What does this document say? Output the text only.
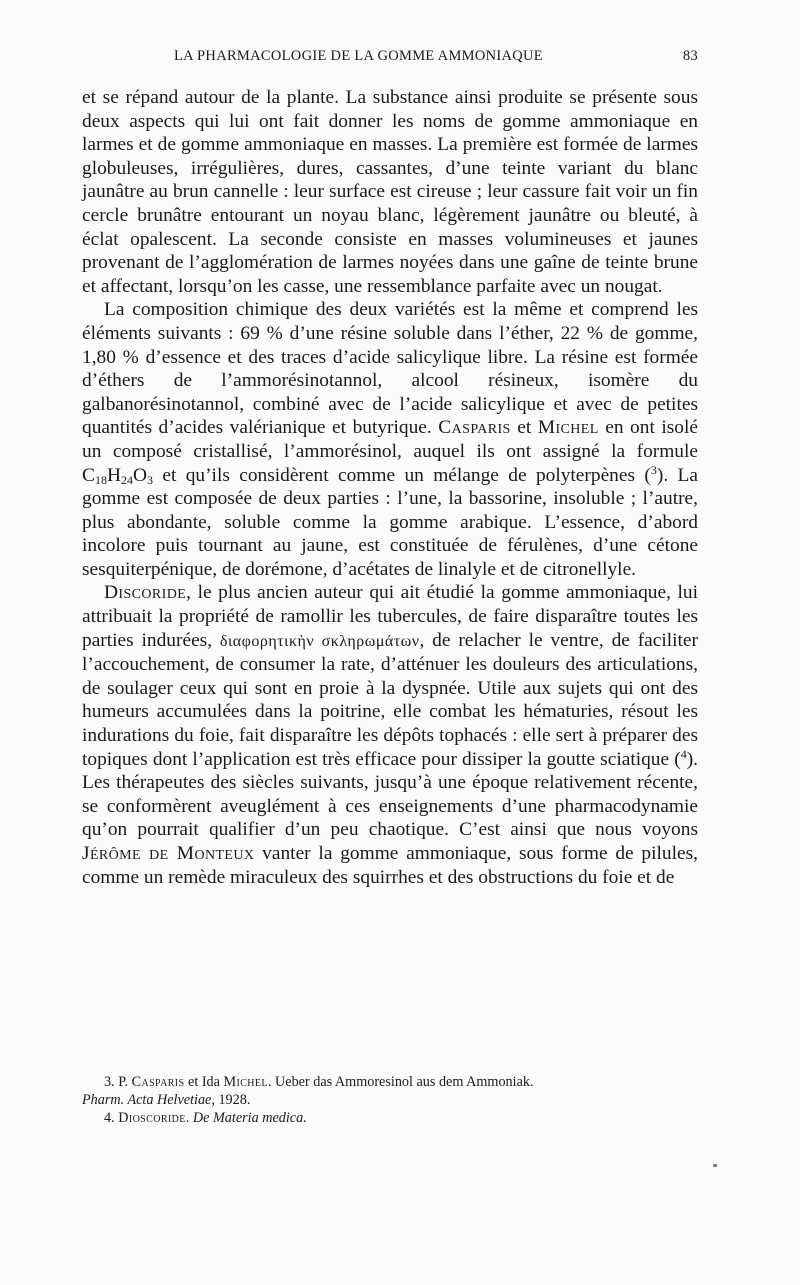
LA PHARMACOLOGIE DE LA GOMME AMMONIAQUE	83

et se répand autour de la plante. La substance ainsi produite se présente sous deux aspects qui lui ont fait donner les noms de gomme ammoniaque en larmes et de gomme ammoniaque en masses. La première est formée de larmes globuleuses, irrégulières, dures, cassantes, d’une teinte variant du blanc jaunâtre au brun cannelle : leur surface est cireuse ; leur cassure fait voir un fin cercle brunâtre entourant un noyau blanc, légèrement jaunâtre ou bleuté, à éclat opalescent. La seconde consiste en masses volumineuses et jaunes provenant de l’agglomération de larmes noyées dans une gaîne de teinte brune et affectant, lorsqu’on les casse, une ressemblance parfaite avec un nougat.

La composition chimique des deux variétés est la même et comprend les éléments suivants : 69 % d’une résine soluble dans l’éther, 22 % de gomme, 1,80 % d’essence et des traces d’acide salicylique libre. La résine est formée d’éthers de l’ammorésinotannol, alcool résineux, isomère du galbanorésinotannol, combiné avec de l’acide salicylique et avec de petites quantités d’acides valérianique et butyrique. Casparis et Michel en ont isolé un composé cristallisé, l’ammorésinol, auquel ils ont assigné la formule $C_{18}H_{24}O_3$ et qu’ils considèrent comme un mélange de polyterpènes ($^3$). La gomme est composée de deux parties : l’une, la bassorine, insoluble ; l’autre, plus abondante, soluble comme la gomme arabique. L’essence, d’abord incolore puis tournant au jaune, est constituée de férulènes, d’une cétone sesquiterpénique, de dorémone, d’acétates de linalyle et de citronellyle.

Discoride, le plus ancien auteur qui ait étudié la gomme ammoniaque, lui attribuait la propriété de ramollir les tubercules, de faire disparaître toutes les parties indurées, διαφορητικὴν σκληρωμάτων, de relacher le ventre, de faciliter l’accouchement, de consumer la rate, d’atténuer les douleurs des articulations, de soulager ceux qui sont en proie à la dyspnée. Utile aux sujets qui ont des humeurs accumulées dans la poitrine, elle combat les hématuries, résout les indurations du foie, fait disparaître les dépôts tophacés : elle sert à préparer des topiques dont l’application est très efficace pour dissiper la goutte sciatique ($^4$). Les thérapeutes des siècles suivants, jusqu’à une époque relativement récente, se conformèrent aveuglément à ces enseignements d’une pharmacodynamie qu’on pourrait qualifier d’un peu chaotique. C’est ainsi que nous voyons Jérôme de Monteux vanter la gomme ammoniaque, sous forme de pilules, comme un remède miraculeux des squirrhes et des obstructions du foie et de

3. P. Casparis et Ida Michel. Ueber das Ammoresinol aus dem Ammoniak.
Pharm. Acta Helvetiae, 1928.

4. Dioscoride. De Materia medica.
